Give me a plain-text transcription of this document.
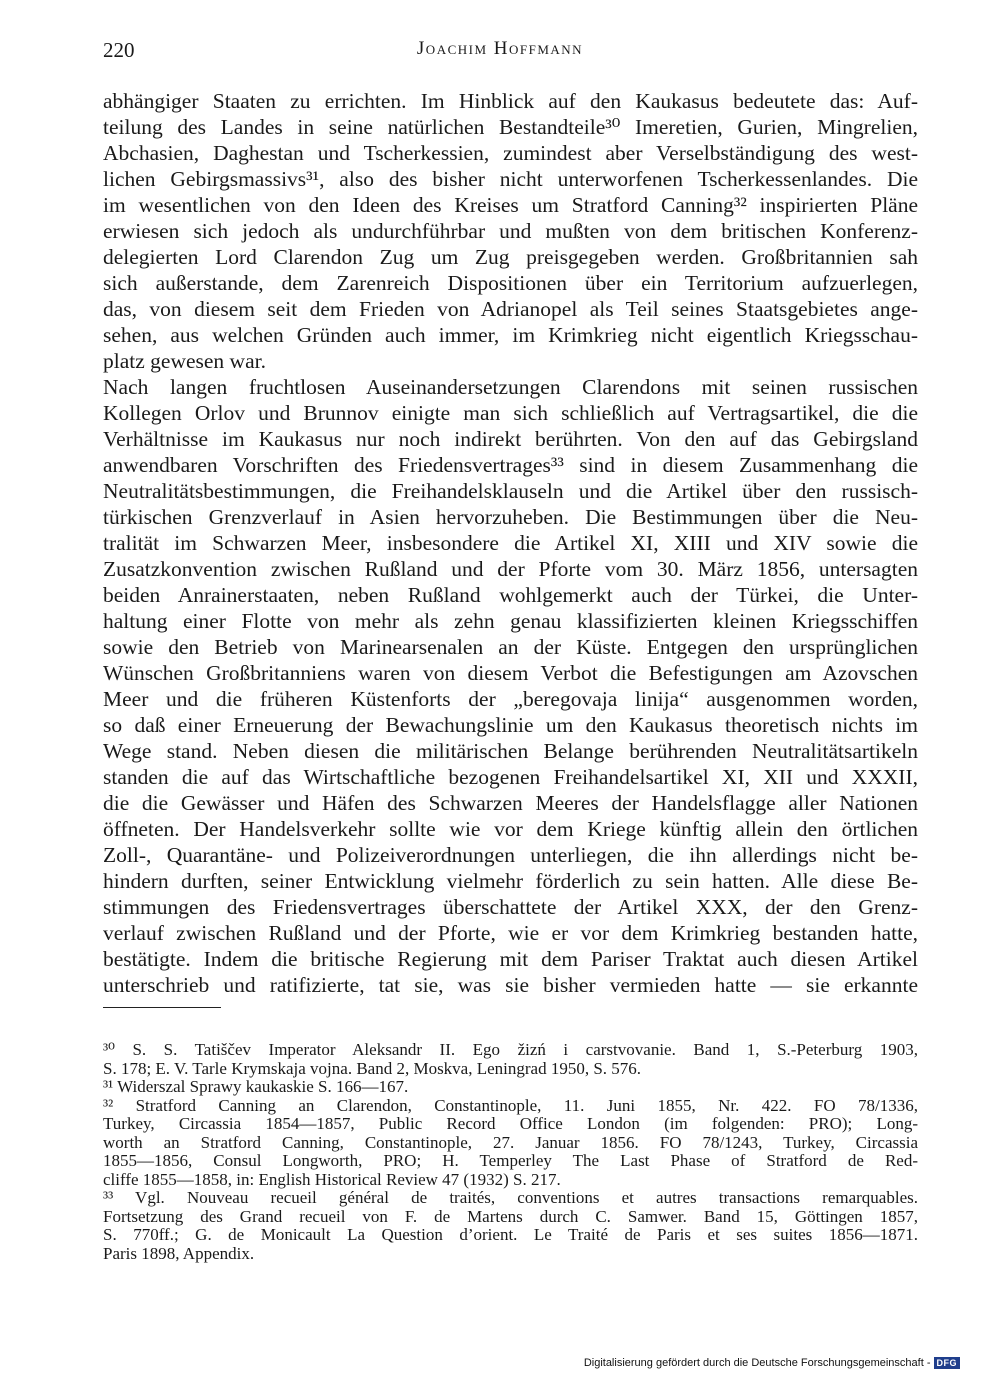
220	Joachim Hoffmann
abhängiger Staaten zu errichten. Im Hinblick auf den Kaukasus bedeutete das: Auf-
teilung des Landes in seine natürlichen Bestandteile³⁰ Imeretien, Gurien, Mingrelien,
Abchasien, Daghestan und Tscherkessien, zumindest aber Verselbständigung des west-
lichen Gebirgsmassivs³¹, also des bisher nicht unterworfenen Tscherkessenlandes. Die
im wesentlichen von den Ideen des Kreises um Stratford Canning³² inspirierten Pläne
erwiesen sich jedoch als undurchführbar und mußten von dem britischen Konferenz-
delegierten Lord Clarendon Zug um Zug preisgegeben werden. Großbritannien sah
sich außerstande, dem Zarenreich Dispositionen über ein Territorium aufzuerlegen,
das, von diesem seit dem Frieden von Adrianopel als Teil seines Staatsgebietes ange-
sehen, aus welchen Gründen auch immer, im Krimkrieg nicht eigentlich Kriegsschau-
platz gewesen war.
Nach langen fruchtlosen Auseinandersetzungen Clarendons mit seinen russischen
Kollegen Orlov und Brunnov einigte man sich schließlich auf Vertragsartikel, die die
Verhältnisse im Kaukasus nur noch indirekt berührten. Von den auf das Gebirgsland
anwendbaren Vorschriften des Friedensvertrages³³ sind in diesem Zusammenhang die
Neutralitätsbestimmungen, die Freihandelsklauseln und die Artikel über den russisch-
türkischen Grenzverlauf in Asien hervorzuheben. Die Bestimmungen über die Neu-
tralität im Schwarzen Meer, insbesondere die Artikel XI, XIII und XIV sowie die
Zusatzkonvention zwischen Rußland und der Pforte vom 30. März 1856, untersagten
beiden Anrainerstaaten, neben Rußland wohlgemerkt auch der Türkei, die Unter-
haltung einer Flotte von mehr als zehn genau klassifizierten kleinen Kriegsschiffen
sowie den Betrieb von Marinearsenalen an der Küste. Entgegen den ursprünglichen
Wünschen Großbritanniens waren von diesem Verbot die Befestigungen am Azovschen
Meer und die früheren Küstenforts der „beregovaja linija“ ausgenommen worden,
so daß einer Erneuerung der Bewachungslinie um den Kaukasus theoretisch nichts im
Wege stand. Neben diesen die militärischen Belange berührenden Neutralitätsartikeln
standen die auf das Wirtschaftliche bezogenen Freihandelsartikel XI, XII und XXXII,
die die Gewässer und Häfen des Schwarzen Meeres der Handelsflagge aller Nationen
öffneten. Der Handelsverkehr sollte wie vor dem Kriege künftig allein den örtlichen
Zoll-, Quarantäne- und Polizeiverordnungen unterliegen, die ihn allerdings nicht be-
hindern durften, seiner Entwicklung vielmehr förderlich zu sein hatten. Alle diese Be-
stimmungen des Friedensvertrages überschattete der Artikel XXX, der den Grenz-
verlauf zwischen Rußland und der Pforte, wie er vor dem Krimkrieg bestanden hatte,
bestätigte. Indem die britische Regierung mit dem Pariser Traktat auch diesen Artikel
unterschrieb und ratifizierte, tat sie, was sie bisher vermieden hatte — sie erkannte
³⁰ S. S. Tatiščev Imperator Aleksandr II. Ego žizń i carstvovanie. Band 1, S.-Peterburg 1903,
S. 178; E. V. Tarle Krymskaja vojna. Band 2, Moskva, Leningrad 1950, S. 576.
³¹ Widerszal Sprawy kaukaskie S. 166—167.
³² Stratford Canning an Clarendon, Constantinople, 11. Juni 1855, Nr. 422. FO 78/1336,
Turkey, Circassia 1854—1857, Public Record Office London (im folgenden: PRO); Long-
worth an Stratford Canning, Constantinople, 27. Januar 1856. FO 78/1243, Turkey, Circassia
1855—1856, Consul Longworth, PRO; H. Temperley The Last Phase of Stratford de Red-
cliffe 1855—1858, in: English Historical Review 47 (1932) S. 217.
³³ Vgl. Nouveau recueil général de traités, conventions et autres transactions remarquables.
Fortsetzung des Grand recueil von F. de Martens durch C. Samwer. Band 15, Göttingen 1857,
S. 770ff.; G. de Monicault La Question d’orient. Le Traité de Paris et ses suites 1856—1871.
Paris 1898, Appendix.
Digitalisierung gefördert durch die Deutsche Forschungsgemeinschaft - DFG
